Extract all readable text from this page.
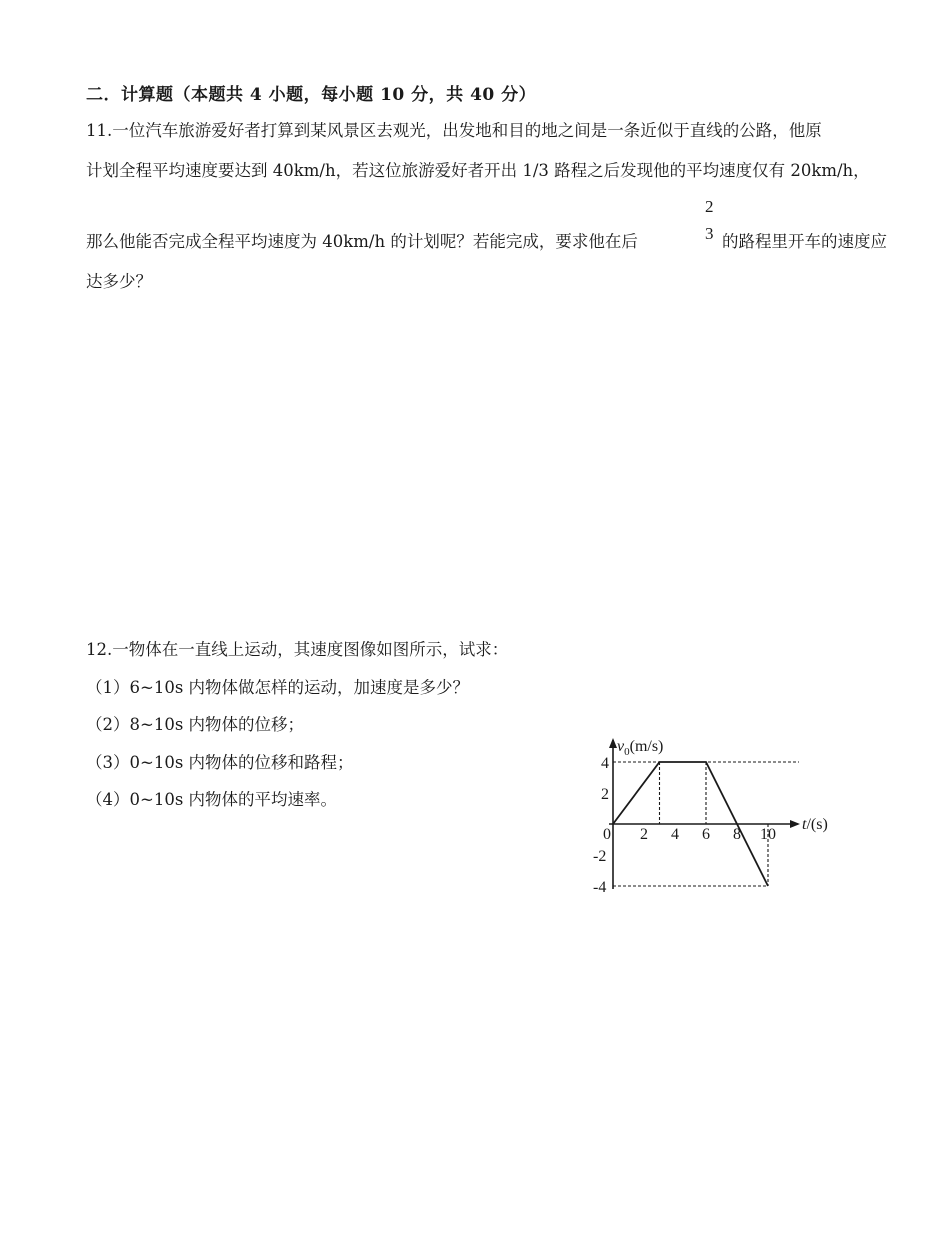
二．计算题（本题共 4 小题，每小题 10 分，共 40 分）
11.一位汽车旅游爱好者打算到某风景区去观光，出发地和目的地之间是一条近似于直线的公路，他原
计划全程平均速度要达到 40km/h，若这位旅游爱好者开出 1/3 路程之后发现他的平均速度仅有 20km/h，
那么他能否完成全程平均速度为 40km/h 的计划呢？若能完成，要求他在后
2
3 的路程里开车的速度应
达多少？
12.一物体在一直线上运动，其速度图像如图所示，试求：
（1）6~10s 内物体做怎样的运动，加速度是多少？
（2）8~10s 内物体的位移；
（3）0~10s 内物体的位移和路程；
（4）0~10s 内物体的平均速率。
0 2 4 6 8 10
4
2
-2
-4
$v_0(m/s)$
t/(s)
